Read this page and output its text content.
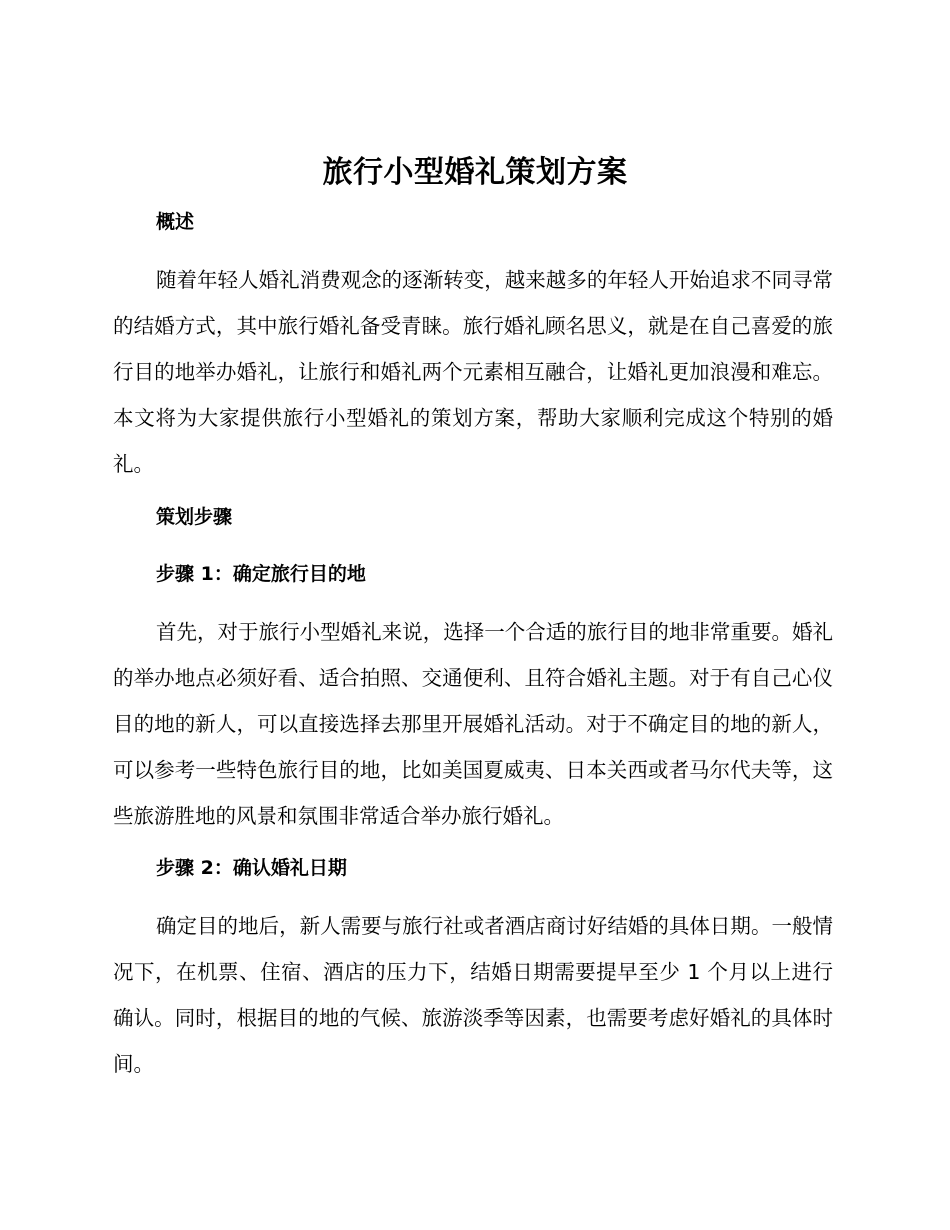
旅行小型婚礼策划方案
概述
随着年轻人婚礼消费观念的逐渐转变，越来越多的年轻人开始追求不同寻常的结婚方式，其中旅行婚礼备受青睐。旅行婚礼顾名思义，就是在自己喜爱的旅行目的地举办婚礼，让旅行和婚礼两个元素相互融合，让婚礼更加浪漫和难忘。本文将为大家提供旅行小型婚礼的策划方案，帮助大家顺利完成这个特别的婚礼。
策划步骤
步骤 1：确定旅行目的地
首先，对于旅行小型婚礼来说，选择一个合适的旅行目的地非常重要。婚礼的举办地点必须好看、适合拍照、交通便利、且符合婚礼主题。对于有自己心仪目的地的新人，可以直接选择去那里开展婚礼活动。对于不确定目的地的新人，可以参考一些特色旅行目的地，比如美国夏威夷、日本关西或者马尔代夫等，这些旅游胜地的风景和氛围非常适合举办旅行婚礼。
步骤 2：确认婚礼日期
确定目的地后，新人需要与旅行社或者酒店商讨好结婚的具体日期。一般情况下，在机票、住宿、酒店的压力下，结婚日期需要提早至少 1 个月以上进行确认。同时，根据目的地的气候、旅游淡季等因素，也需要考虑好婚礼的具体时间。
